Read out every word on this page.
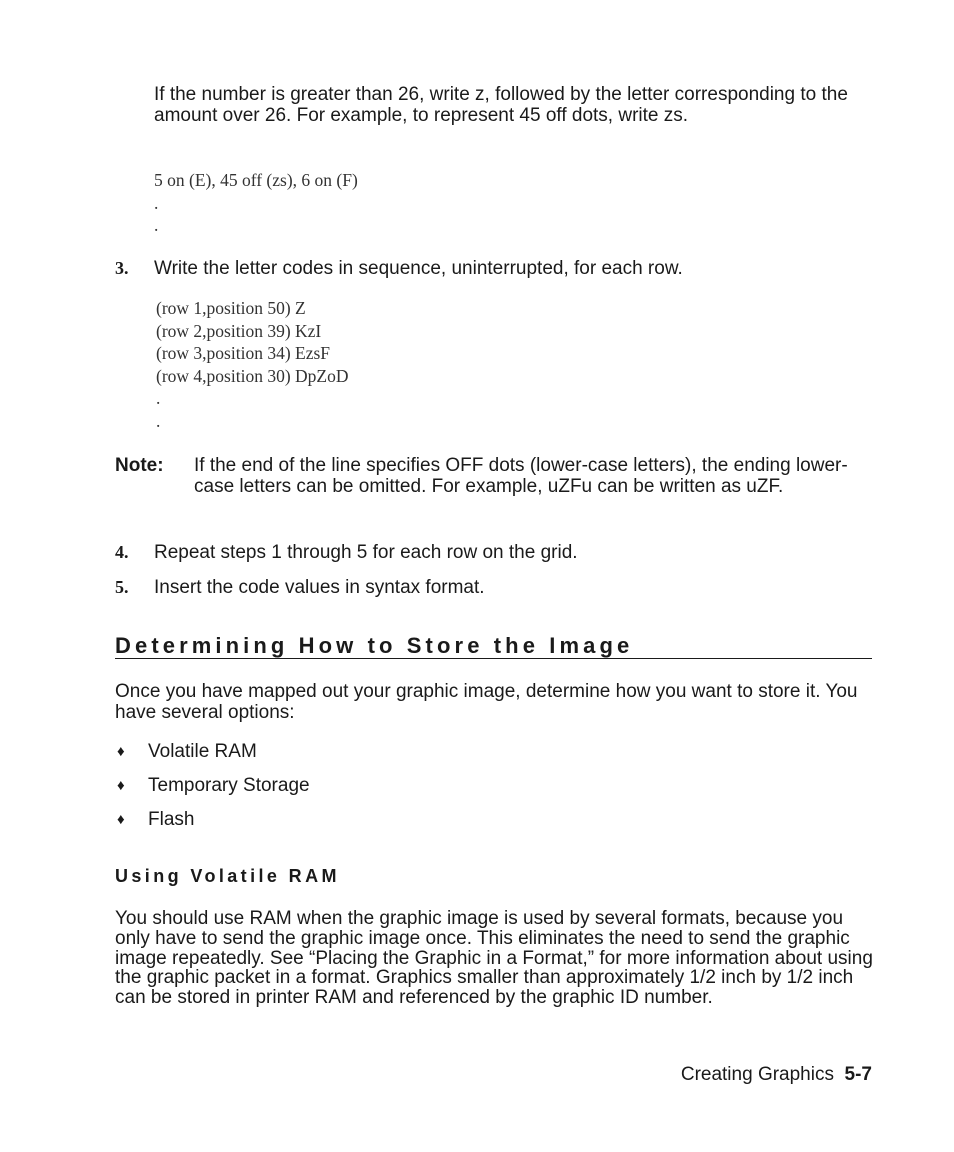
If the number is greater than 26, write z, followed by the letter corresponding to the amount over 26. For example, to represent 45 off dots, write zs.

5 on (E), 45 off (zs), 6 on (F)

.

.

3. Write the letter codes in sequence, uninterrupted, for each row.

(row 1,position 50) Z

(row 2,position 39) KzI

(row 3,position 34) EzsF

(row 4,position 30) DpZoD

.

.

Note: If the end of the line specifies OFF dots (lower-case letters), the ending lower-case letters can be omitted. For example, uZFu can be written as uZF.

4. Repeat steps 1 through 5 for each row on the grid.
5. Insert the code values in syntax format.
Determining How to Store the Image

Once you have mapped out your graphic image, determine how you want to store it. You have several options:

♦ Volatile RAM
♦ Temporary Storage
♦ Flash
Using Volatile RAM

You should use RAM when the graphic image is used by several formats, because you only have to send the graphic image once. This eliminates the need to send the graphic image repeatedly. See “Placing the Graphic in a Format,” for more information about using the graphic packet in a format. Graphics smaller than approximately 1/2 inch by 1/2 inch can be stored in printer RAM and referenced by the graphic ID number.

Creating Graphics 5-7
